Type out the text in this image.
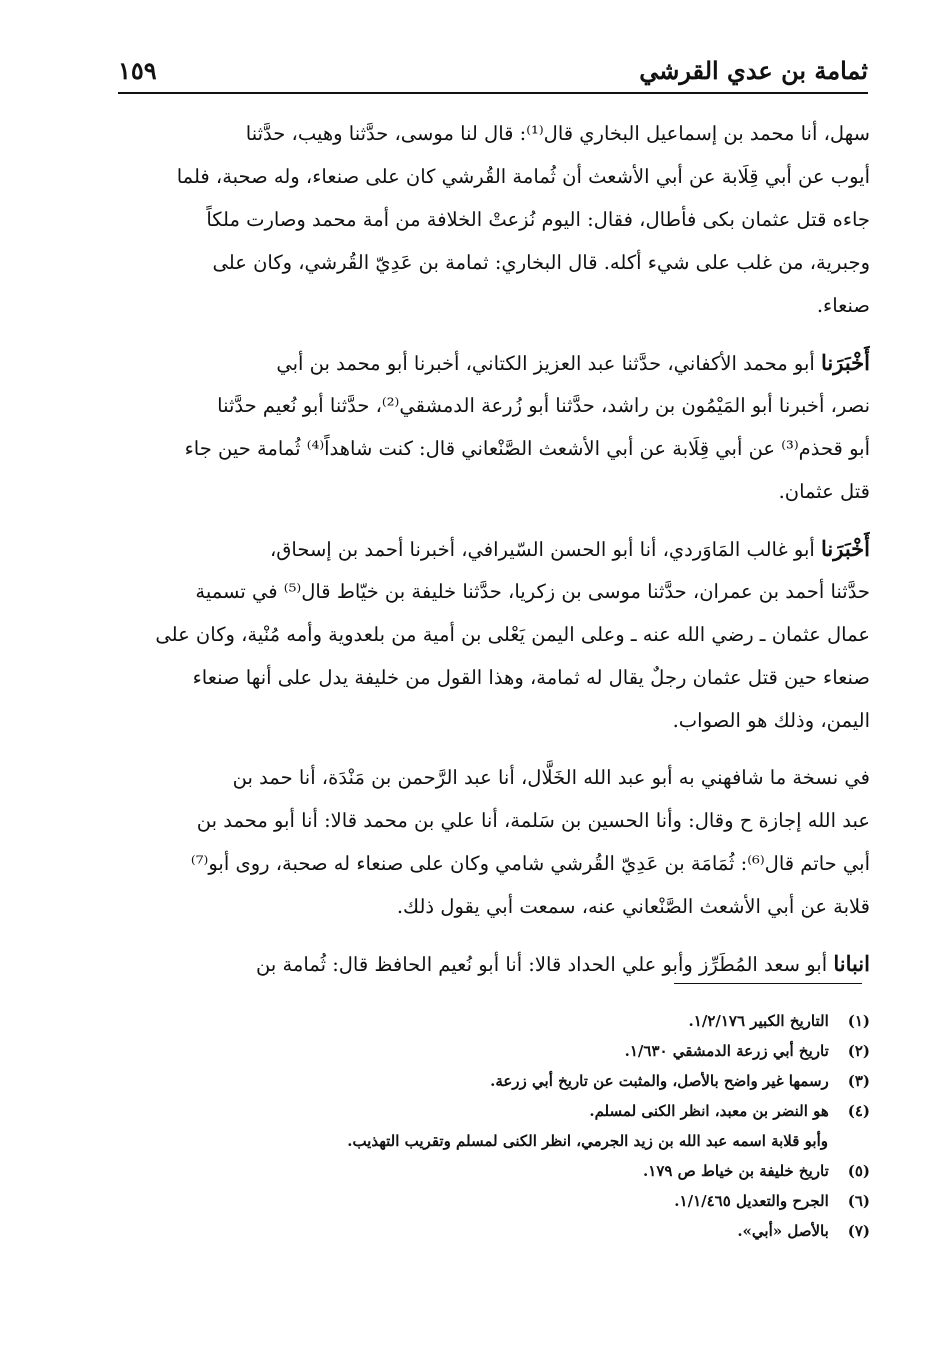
ثمامة بن عدي القرشي
١٥٩
سهل، أنا محمد بن إسماعيل البخاري قال⁽¹⁾: قال لنا موسى، حدَّثنا وهيب، حدَّثنا
أيوب عن أبي قِلَابة عن أبي الأشعث أن ثُمامة القُرشي كان على صنعاء، وله صحبة، فلما
جاءه قتل عثمان بكى فأطال، فقال: اليوم نُزعتْ الخلافة من أمة محمد وصارت ملكاً
وجبرية، من غلب على شيء أكله. قال البخاري: ثمامة بن عَدِيّ القُرشي، وكان على
صنعاء.
أَخْبَرَنا أبو محمد الأكفاني، حدَّثنا عبد العزيز الكتاني، أخبرنا أبو محمد بن أبي
نصر، أخبرنا أبو المَيْمُون بن راشد، حدَّثنا أبو زُرعة الدمشقي⁽²⁾، حدَّثنا أبو نُعيم حدَّثنا
أبو قحذم⁽³⁾ عن أبي قِلَابة عن أبي الأشعث الصَّنْعاني قال: كنت شاهداً⁽⁴⁾ ثُمامة حين جاء
قتل عثمان.
أَخْبَرَنا أبو غالب المَاوَردي، أنا أبو الحسن السّيرافي، أخبرنا أحمد بن إسحاق،
حدَّثنا أحمد بن عمران، حدَّثنا موسى بن زكريا، حدَّثنا خليفة بن خيّاط قال⁽⁵⁾ في تسمية
عمال عثمان ـ رضي الله عنه ـ وعلى اليمن يَعْلى بن أمية من بلعدوية وأمه مُنْية، وكان على
صنعاء حين قتل عثمان رجلٌ يقال له ثمامة، وهذا القول من خليفة يدل على أنها صنعاء
اليمن، وذلك هو الصواب.
في نسخة ما شافهني به أبو عبد الله الخَلَّال، أنا عبد الرَّحمن بن مَنْدَة، أنا حمد بن
عبد الله إجازة ح وقال: وأنا الحسين بن سَلمة، أنا علي بن محمد قالا: أنا أبو محمد بن
أبي حاتم قال⁽⁶⁾: ثُمَامَة بن عَدِيّ القُرشي شامي وكان على صنعاء له صحبة، روى أبو⁽⁷⁾
قلابة عن أبي الأشعث الصَّنْعاني عنه، سمعت أبي يقول ذلك.
انبانا أبو سعد المُطَرِّز وأبو علي الحداد قالا: أنا أبو نُعيم الحافظ قال: ثُمامة بن
(١) التاريخ الكبير ١/٢/١٧٦.
(٢) تاريخ أبي زرعة الدمشقي ١/٦٣٠.
(٣) رسمها غير واضح بالأصل، والمثبت عن تاريخ أبي زرعة.
(٤) هو النضر بن معبد، انظر الكنى لمسلم.
وأبو قلابة اسمه عبد الله بن زيد الجرمي، انظر الكنى لمسلم وتقريب التهذيب.
(٥) تاريخ خليفة بن خياط ص ١٧٩.
(٦) الجرح والتعديل ١/١/٤٦٥.
(٧) بالأصل «أبي».
